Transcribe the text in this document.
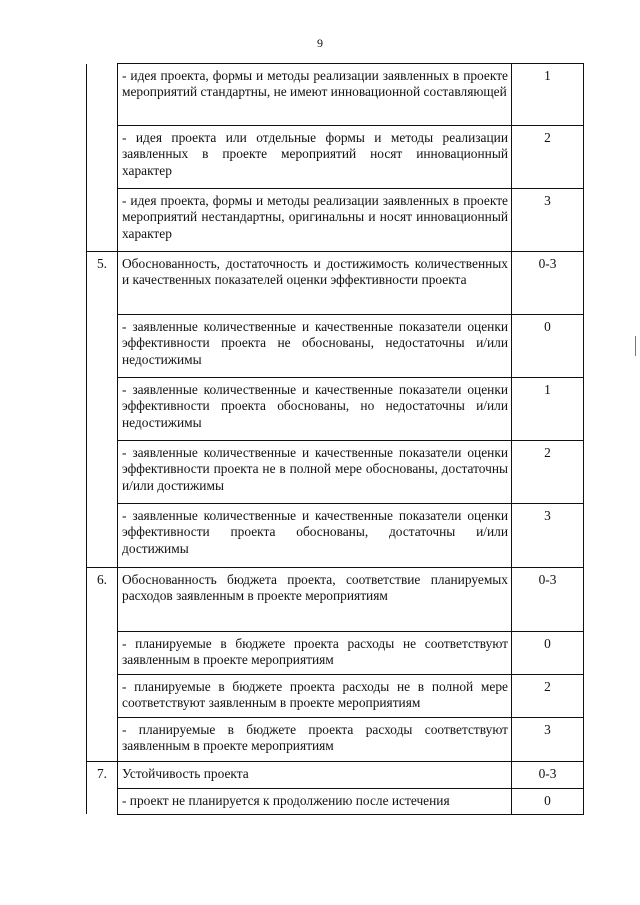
9
	- идея проекта, формы и методы реализации заявленных в проекте мероприятий стандартны, не имеют инновационной составляющей	1
	- идея проекта или отдельные формы и методы реализации заявленных в проекте мероприятий носят инновационный характер	2
	- идея проекта, формы и методы реализации заявленных в проекте мероприятий нестандартны, оригинальны и носят инновационный характер	3
5.	Обоснованность, достаточность и достижимость количественных и качественных показателей оценки эффективности проекта	0-3
	- заявленные количественные и качественные показатели оценки эффективности проекта не обоснованы, недостаточны и/или недостижимы	0
	- заявленные количественные и качественные показатели оценки эффективности проекта обоснованы, но недостаточны и/или недостижимы	1
	- заявленные количественные и качественные показатели оценки эффективности проекта не в полной мере обоснованы, достаточны и/или достижимы	2
	- заявленные количественные и качественные показатели оценки эффективности проекта обоснованы, достаточны и/или достижимы	3
6.	Обоснованность бюджета проекта, соответствие планируемых расходов заявленным в проекте мероприятиям	0-3
	- планируемые в бюджете проекта расходы не соответствуют заявленным в проекте мероприятиям	0
	- планируемые в бюджете проекта расходы не в полной мере соответствуют заявленным в проекте мероприятиям	2
	- планируемые в бюджете проекта расходы соответствуют заявленным в проекте мероприятиям	3
7.	Устойчивость проекта	0-3
	- проект не планируется к продолжению после истечения	0
